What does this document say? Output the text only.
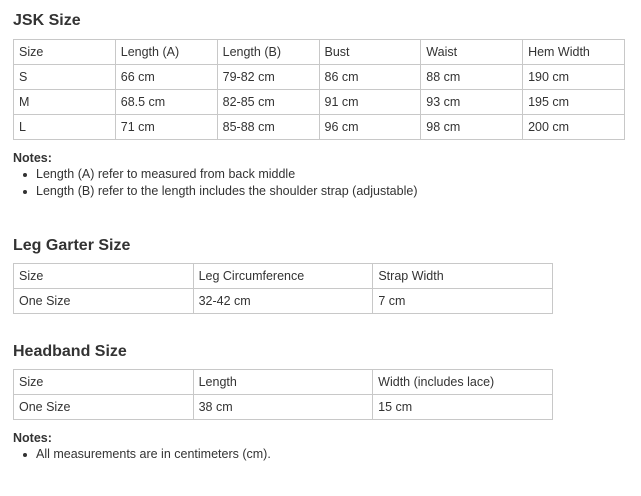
JSK Size
Size	Length (A)	Length (B)	Bust	Waist	Hem Width
S	66 cm	79-82 cm	86 cm	88 cm	190 cm
M	68.5 cm	82-85 cm	91 cm	93 cm	195 cm
L	71 cm	85-88 cm	96 cm	98 cm	200 cm
Notes:
Length (A) refer to measured from back middle
Length (B) refer to the length includes the shoulder strap (adjustable)
Leg Garter Size
Size	Leg Circumference	Strap Width
One Size	32-42 cm	7 cm
Headband Size
Size	Length	Width (includes lace)
One Size	38 cm	15 cm
Notes:
All measurements are in centimeters (cm).
